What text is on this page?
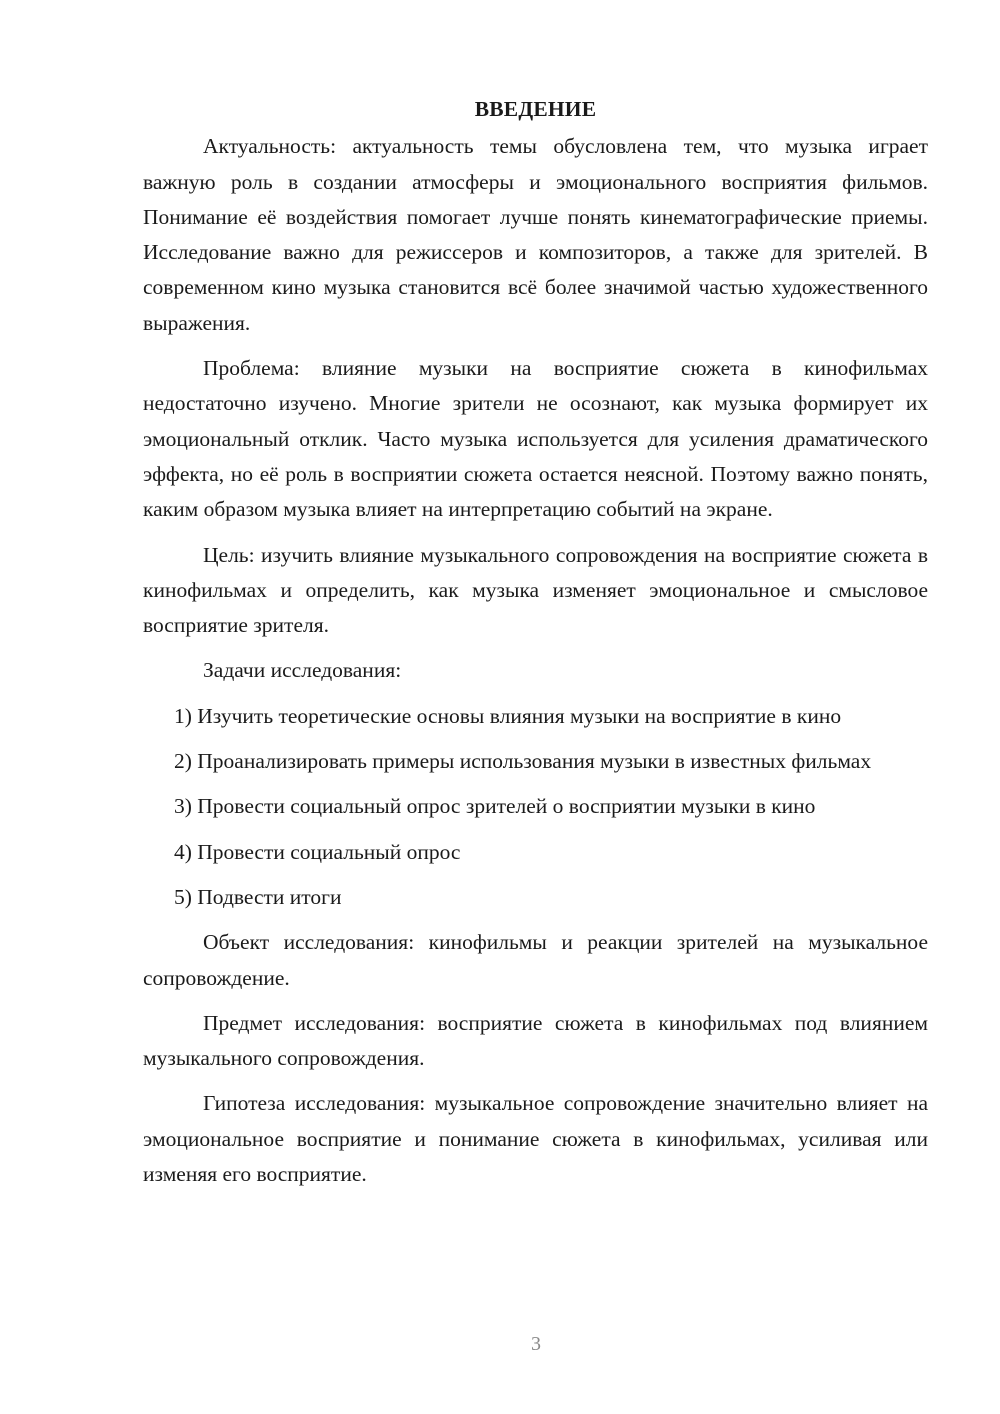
ВВЕДЕНИЕ

Актуальность: актуальность темы обусловлена тем, что музыка играет важную роль в создании атмосферы и эмоционального восприятия фильмов. Понимание её воздействия помогает лучше понять кинематографические приемы. Исследование важно для режиссеров и композиторов, а также для зрителей. В современном кино музыка становится всё более значимой частью художественного выражения.

Проблема: влияние музыки на восприятие сюжета в кинофильмах недостаточно изучено. Многие зрители не осознают, как музыка формирует их эмоциональный отклик. Часто музыка используется для усиления драматического эффекта, но её роль в восприятии сюжета остается неясной. Поэтому важно понять, каким образом музыка влияет на интерпретацию событий на экране.

Цель: изучить влияние музыкального сопровождения на восприятие сюжета в кинофильмах и определить, как музыка изменяет эмоциональное и смысловое восприятие зрителя.

Задачи исследования:

1) Изучить теоретические основы влияния музыки на восприятие в кино

2) Проанализировать примеры использования музыки в известных фильмах

3) Провести социальный опрос зрителей о восприятии музыки в кино

4) Провести социальный опрос

5) Подвести итоги

Объект исследования: кинофильмы и реакции зрителей на музыкальное сопровождение.

Предмет исследования: восприятие сюжета в кинофильмах под влиянием музыкального сопровождения.

Гипотеза исследования: музыкальное сопровождение значительно влияет на эмоциональное восприятие и понимание сюжета в кинофильмах, усиливая или изменяя его восприятие.

3
